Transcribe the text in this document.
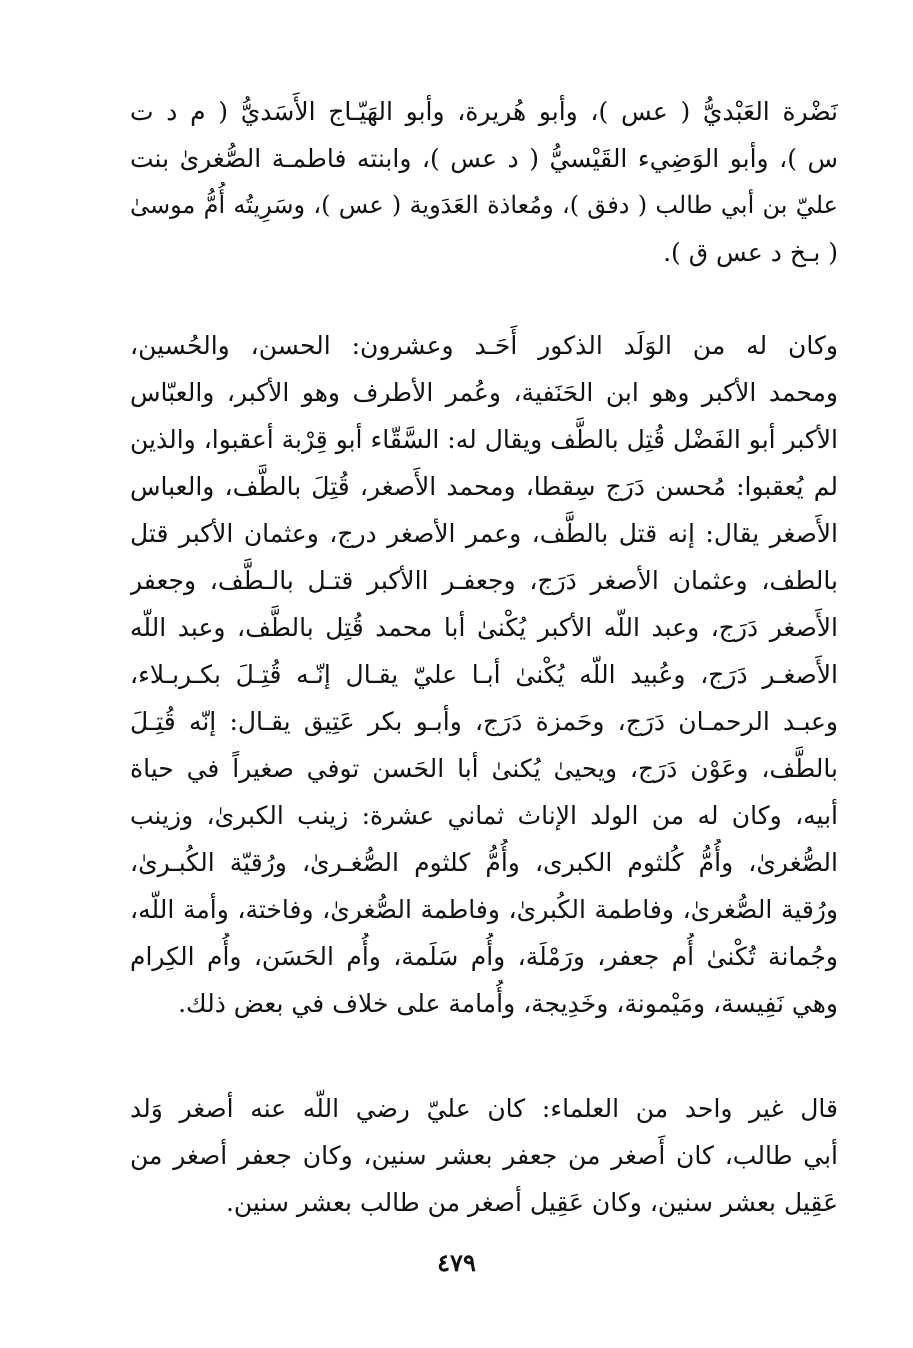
نَضْرة العَبْديُّ ( عس )، وأبو هُريرة، وأبو الهَيّـاج الأَسَديُّ ( م د ت
س )، وأبو الوَضِيء القَيْسيُّ ( د عس )، وابنته فاطمـة الصُّغرىٰ بنت
عليّ بن أبي طالب ( دفق )، ومُعاذة العَدَوية ( عس )، وسَرِيتُه أُمُّ موسىٰ
( بـخ د عس ق ).
وكان له من الوَلَد الذكور أَحَـد وعشرون: الحسن، والحُسين،
ومحمد الأكبر وهو ابن الحَنَفية، وعُمر الأطرف وهو الأكبر، والعبّاس
الأكبر أبو الفَضْل قُتِل بالطَّف ويقال له: السَّقّاء أبو قِرْبة أعقبوا، والذين
لم يُعقبوا: مُحسن دَرَج سِقطا، ومحمد الأَصغر، قُتِلَ بالطَّف، والعباس
الأَصغر يقال: إنه قتل بالطَّف، وعمر الأصغر درج، وعثمان الأكبر قتل
بالطف، وعثمان الأصغر دَرَج، وجعفـر االأكبر قتـل بالـطَّف، وجعفر
الأَصغر دَرَج، وعبد اللّه الأكبر يُكْنىٰ أبا محمد قُتِل بالطَّف، وعبد اللّه
الأَصغـر دَرَج، وعُبيد اللّه يُكْنىٰ أبـا عليّ يقـال إنّـه قُتِـلَ بكـربـلاء،
وعبـد الرحمـان دَرَج، وحَمزة دَرَج، وأبـو بكر عَتِيق يقـال: إنّه قُتِـلَ
بالطَّف، وعَوْن دَرَج، ويحيىٰ يُكنىٰ أبا الحَسن توفي صغيراً في حياة
أبيه، وكان له من الولد الإناث ثماني عشرة: زينب الكبرىٰ، وزينب
الصُّغرىٰ، وأُمُّ كُلثوم الكبرى، وأُمُّ كلثوم الصُّغـرىٰ، ورُقيّة الكُبـرىٰ،
ورُقية الصُّغرىٰ، وفاطمة الكُبرىٰ، وفاطمة الصُّغرىٰ، وفاختة، وأمة اللّه،
وجُمانة تُكْنىٰ أُم جعفر، ورَمْلَة، وأُم سَلَمة، وأُم الحَسَن، وأُم الكِرام
وهي نَفِيسة، ومَيْمونة، وخَدِيجة، وأُمامة على خلاف في بعض ذلك.
قال غير واحد من العلماء: كان عليّ رضي اللّه عنه أصغر وَلد
أبي طالب، كان أَصغر من جعفر بعشر سنين، وكان جعفر أصغر من
عَقِيل بعشر سنين، وكان عَقِيل أصغر من طالب بعشر سنين.
٤٧٩
